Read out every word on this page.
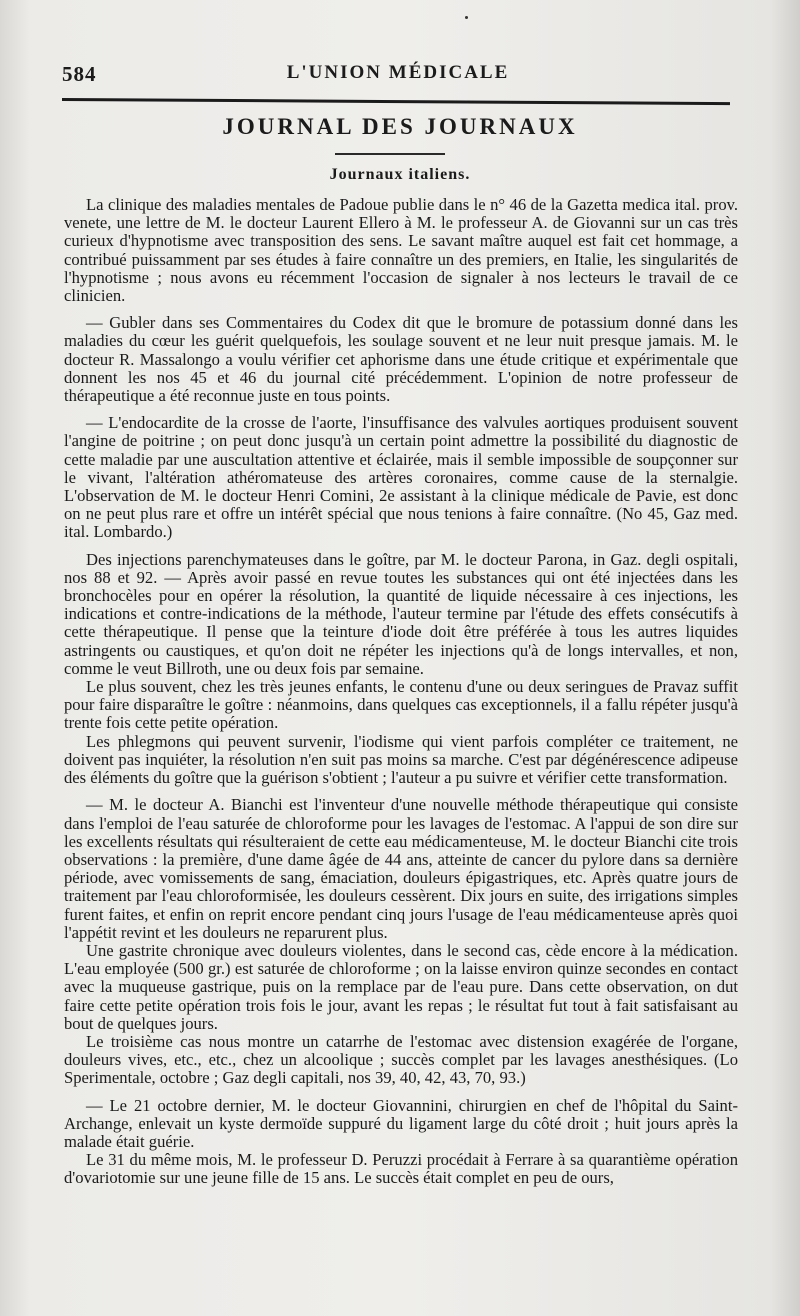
584	L'UNION MÉDICALE
JOURNAL DES JOURNAUX
Journaux italiens.

La clinique des maladies mentales de Padoue publie dans le n° 46 de la Gazetta medica ital. prov. venete, une lettre de M. le docteur Laurent Ellero à M. le professeur A. de Giovanni sur un cas très curieux d'hypnotisme avec transposition des sens. Le savant maître auquel est fait cet hommage, a contribué puissamment par ses études à faire connaître un des premiers, en Italie, les singularités de l'hypnotisme ; nous avons eu récemment l'occasion de signaler à nos lecteurs le travail de ce clinicien.

— Gubler dans ses Commentaires du Codex dit que le bromure de potassium donné dans les maladies du cœur les guérit quelquefois, les soulage souvent et ne leur nuit presque jamais. M. le docteur R. Massalongo a voulu vérifier cet aphorisme dans une étude critique et expérimentale que donnent les nos 45 et 46 du journal cité précédemment. L'opinion de notre professeur de thérapeutique a été reconnue juste en tous points.

— L'endocardite de la crosse de l'aorte, l'insuffisance des valvules aortiques produisent souvent l'angine de poitrine ; on peut donc jusqu'à un certain point admettre la possibilité du diagnostic de cette maladie par une auscultation attentive et éclairée, mais il semble impossible de soupçonner sur le vivant, l'altération athéromateuse des artères coronaires, comme cause de la sternalgie. L'observation de M. le docteur Henri Comini, 2e assistant à la clinique médicale de Pavie, est donc on ne peut plus rare et offre un intérêt spécial que nous tenions à faire connaître. (No 45, Gaz med. ital. Lombardo.)

Des injections parenchymateuses dans le goître, par M. le docteur Parona, in Gaz. degli ospitali, nos 88 et 92. — Après avoir passé en revue toutes les substances qui ont été injectées dans les bronchocèles pour en opérer la résolution, la quantité de liquide nécessaire à ces injections, les indications et contre-indications de la méthode, l'auteur termine par l'étude des effets consécutifs à cette thérapeutique. Il pense que la teinture d'iode doit être préférée à tous les autres liquides astringents ou caustiques, et qu'on doit ne répéter les injections qu'à de longs intervalles, et non, comme le veut Billroth, une ou deux fois par semaine.

Le plus souvent, chez les très jeunes enfants, le contenu d'une ou deux seringues de Pravaz suffit pour faire disparaître le goître : néanmoins, dans quelques cas exceptionnels, il a fallu répéter jusqu'à trente fois cette petite opération.

Les phlegmons qui peuvent survenir, l'iodisme qui vient parfois compléter ce traitement, ne doivent pas inquiéter, la résolution n'en suit pas moins sa marche. C'est par dégénérescence adipeuse des éléments du goître que la guérison s'obtient ; l'auteur a pu suivre et vérifier cette transformation.

— M. le docteur A. Bianchi est l'inventeur d'une nouvelle méthode thérapeutique qui consiste dans l'emploi de l'eau saturée de chloroforme pour les lavages de l'estomac. A l'appui de son dire sur les excellents résultats qui résulteraient de cette eau médicamenteuse, M. le docteur Bianchi cite trois observations : la première, d'une dame âgée de 44 ans, atteinte de cancer du pylore dans sa dernière période, avec vomissements de sang, émaciation, douleurs épigastriques, etc. Après quatre jours de traitement par l'eau chloroformisée, les douleurs cessèrent. Dix jours en suite, des irrigations simples furent faites, et enfin on reprit encore pendant cinq jours l'usage de l'eau médicamenteuse après quoi l'appétit revint et les douleurs ne reparurent plus.

Une gastrite chronique avec douleurs violentes, dans le second cas, cède encore à la médication. L'eau employée (500 gr.) est saturée de chloroforme ; on la laisse environ quinze secondes en contact avec la muqueuse gastrique, puis on la remplace par de l'eau pure. Dans cette observation, on dut faire cette petite opération trois fois le jour, avant les repas ; le résultat fut tout à fait satisfaisant au bout de quelques jours.

Le troisième cas nous montre un catarrhe de l'estomac avec distension exagérée de l'organe, douleurs vives, etc., etc., chez un alcoolique ; succès complet par les lavages anesthésiques. (Lo Sperimentale, octobre ; Gaz degli capitali, nos 39, 40, 42, 43, 70, 93.)

— Le 21 octobre dernier, M. le docteur Giovannini, chirurgien en chef de l'hôpital du Saint-Archange, enlevait un kyste dermoïde suppuré du ligament large du côté droit ; huit jours après la malade était guérie.

Le 31 du même mois, M. le professeur D. Peruzzi procédait à Ferrare à sa quarantième opération d'ovariotomie sur une jeune fille de 15 ans. Le succès était complet en peu de ours,
